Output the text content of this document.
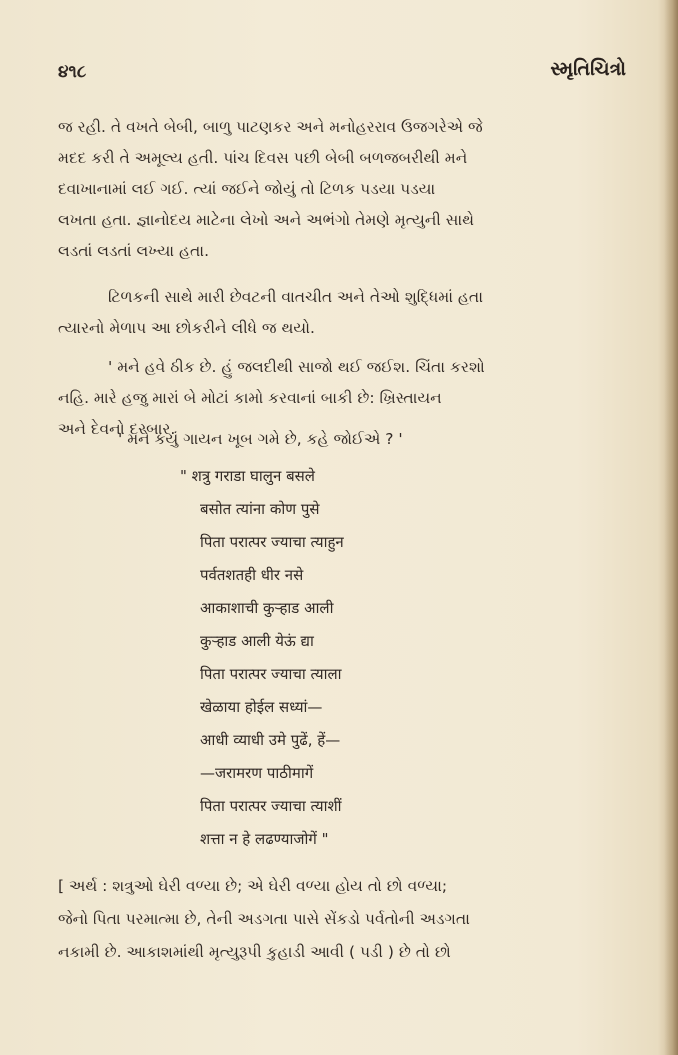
૪૧૮	સ્મૃતિચિત્રો
જ રહી. તે વખતે બેબી, બાળુ પાટણકર અને મનોહરરાવ ઉજગરેએ જે
મદદ કરી તે અમૂલ્ય હતી. પાંચ દિવસ પછી બેબી બળજબરીથી મને
દવાખાનામાં લઈ ગઈ. ત્યાં જઈને જોયું તો ટિળક પડયા પડયા
લખતા હતા. જ્ઞાનોદય માટેના લેખો અને અભંગો તેમણે મૃત્યુની સાથે
લડતાં લડતાં લખ્યા હતા.
ટિળકની સાથે મારી છેવટની વાતચીત અને તેઓ શુદ્ધિમાં હતા
ત્યારનો મેળાપ આ છોકરીને લીધે જ થયો.
' મને હવે ઠીક છે. હું જલદીથી સાજો થઈ જઈશ. ચિંતા કરશો
નહિ. મારે હજુ મારાં બે મોટાં કામો કરવાનાં બાકી છે: ખ્રિસ્તાયન
અને દેવનો દરબાર.
' મને કયું ગાયન ખૂબ ગમે છે, કહે જોઈએ ? '
" शत्रु गराडा घालुन बसले
बसोत त्यांना कोण पुसे
पिता परात्पर ज्याचा त्याहुन
पर्वतशतही धीर नसे
आकाशाची कुऱ्हाड आली
कुऱ्हाड आली येऊं द्या
पिता परात्पर ज्याचा त्याला
खेळाया होईल सध्यां—
आधी व्याधी उमे पुढें, हें—
—जरामरण पाठीमागें
पिता परात्पर ज्याचा त्याशीं
शत्ता न हे लढण्याजोगें "
[ અર્થ : શત્રુઓ ઘેરી વળ્યા છે; એ ઘેરી વળ્યા હોય તો છો વળ્યા;
જેનો પિતા પરમાત્મા છે, તેની અડગતા પાસે સેંકડો પર્વતોની અડગતા
નકામી છે. આકાશમાંથી મૃત્યુરૂપી કુહાડી આવી ( પડી ) છે તો છો
